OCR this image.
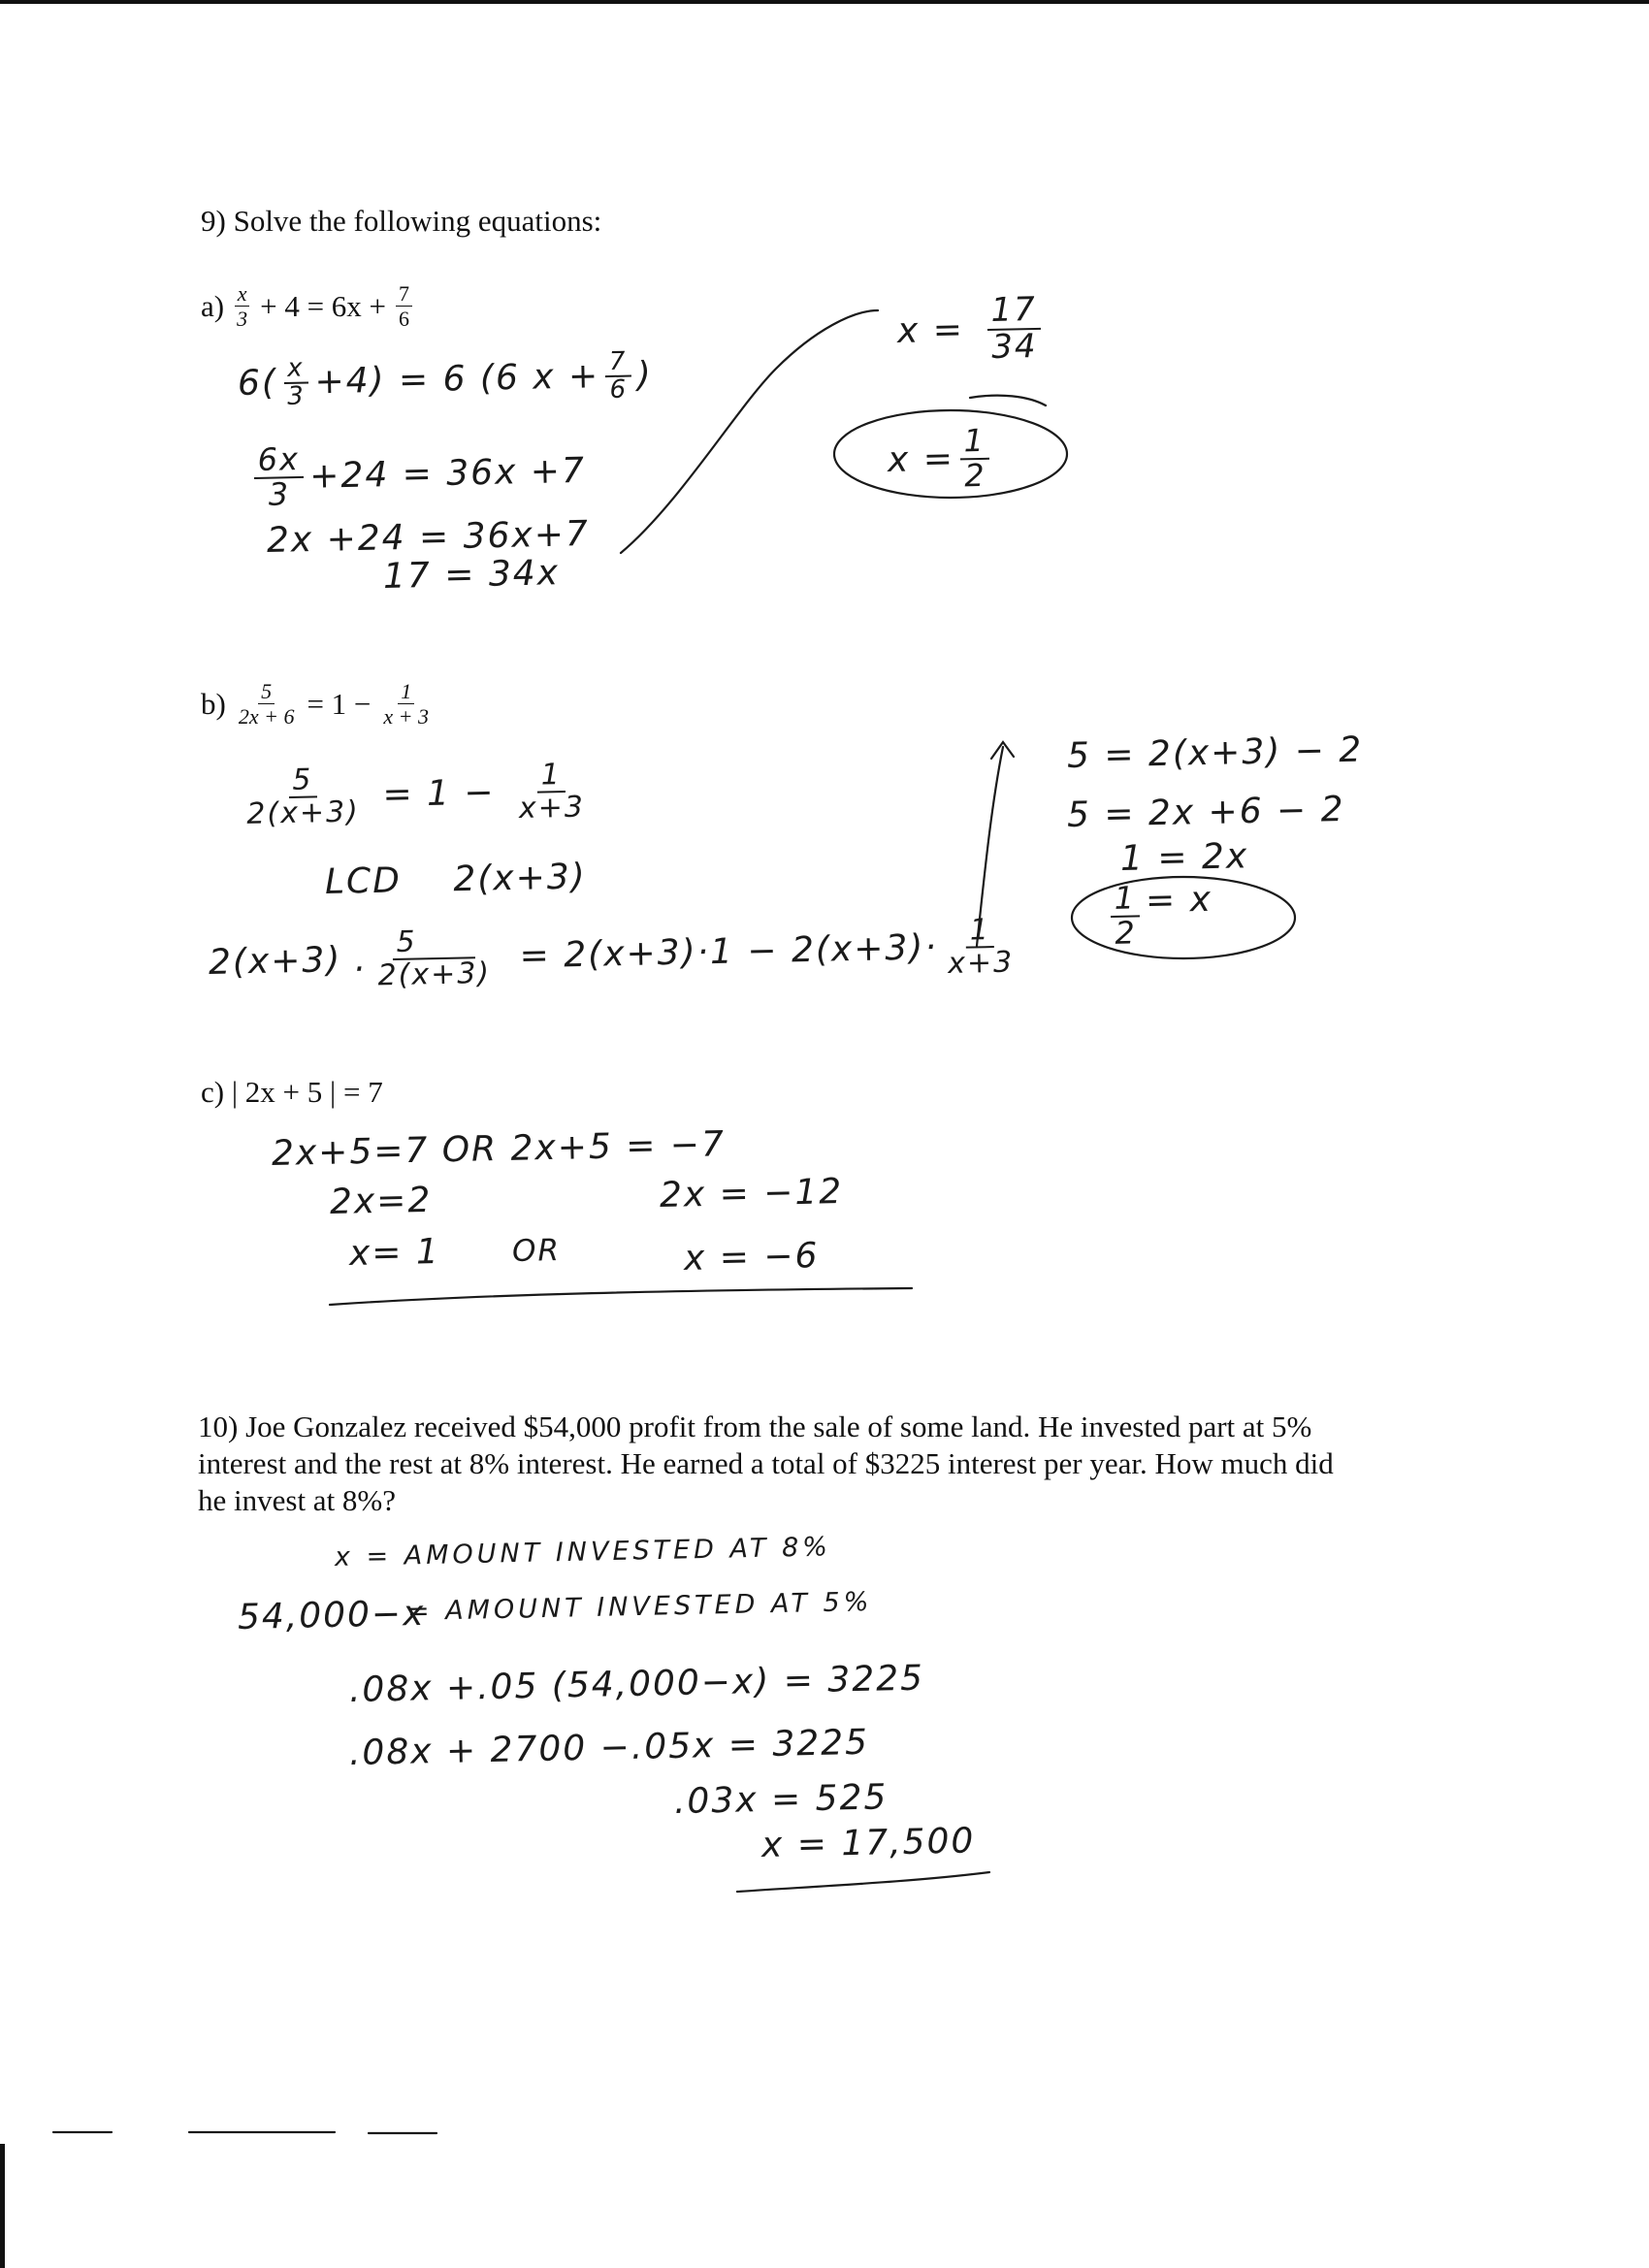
9) Solve the following equations:
$a) \frac{x}{3} + 4 = 6x + \frac{7}{6}$
$6( \frac{x}{3} +4) = 6$ (6 $x + \frac{7}{6}$ )
$\frac{6x}{3} +24 = 36x +7$
2x +24 = 36x+7
17 = 34x
$x = \frac{17}{34}$
$x = \frac{1}{2}$
$b) \frac{5}{2x + 6} = 1 - \frac{1}{x + 3}$
$\frac{5}{2(x+3)} = 1 - \frac{1}{x+3}$
LCD 2(x+3)
2(x+3) . $\frac{5}{2(x+3)} = 2(x+3)\cdot 1 - 2(x+3)\cdot \frac{1}{x+3}$
5 = 2(x+3) − 2
5 = 2x +6 − 2
1 = 2x
$\frac{1}{2} = x$
c) | 2x + 5 | = 7
2x+5=7 OR 2x+5 = −7
2x=2	2x = −12
x= 1 OR	x = −6
10) Joe Gonzalez received $54,000 profit from the sale of some land. He invested part at 5%
interest and the rest at 8% interest. He earned a total of $3225 interest per year. How much did
he invest at 8%?
x = AMOUNT INVESTED AT 8%
54,000−x
= AMOUNT INVESTED AT 5%
.08x +.05 (54,000−x) = 3225
.08x + 2700 −.05x = 3225
.03x = 525
x = 17,500
